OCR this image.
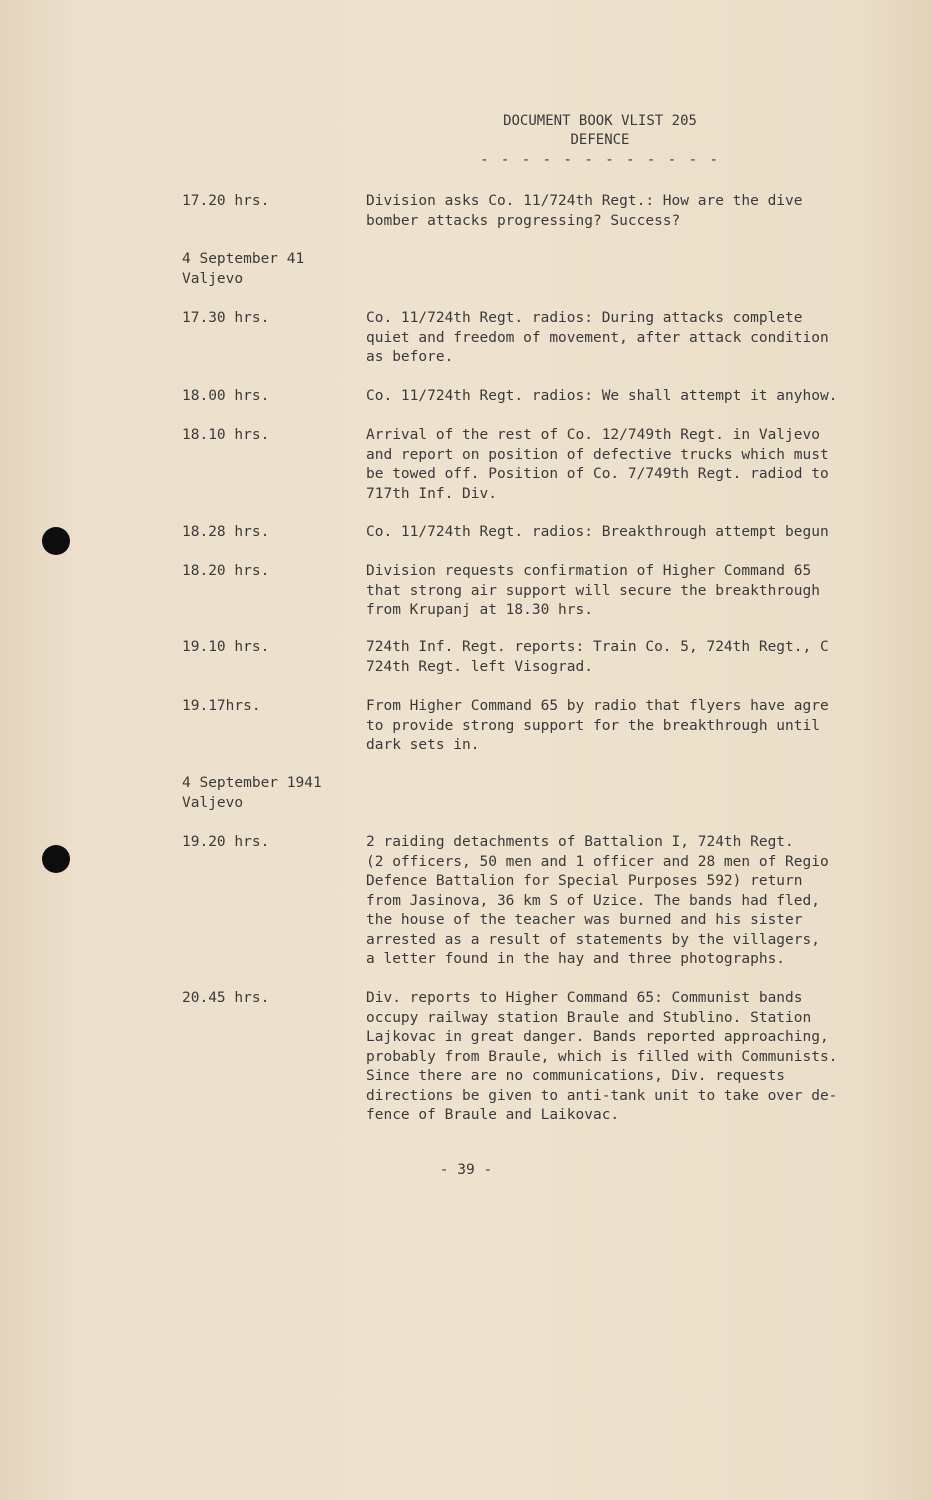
DOCUMENT BOOK VLIST 205
DEFENCE
- - - - - - - - - - - -
17.20 hrs.	Division asks Co. 11/724th Regt.: How are the dive
bomber attacks progressing? Success?
4 September 41
Valjevo
17.30 hrs.	Co. 11/724th Regt. radios: During attacks complete
quiet and freedom of movement, after attack condition
as before.
18.00 hrs.	Co. 11/724th Regt. radios: We shall attempt it anyhow.
18.10 hrs.	Arrival of the rest of Co. 12/749th Regt. in Valjevo
and report on position of defective trucks which must
be towed off. Position of Co. 7/749th Regt. radiod to
717th Inf. Div.
18.28 hrs.	Co. 11/724th Regt. radios: Breakthrough attempt begun
18.20 hrs.	Division requests confirmation of Higher Command 65
that strong air support will secure the breakthrough
from Krupanj at 18.30 hrs.
19.10 hrs.	724th Inf. Regt. reports: Train Co. 5, 724th Regt., C
724th Regt. left Visograd.
19.17hrs.	From Higher Command 65 by radio that flyers have agre
to provide strong support for the breakthrough until
dark sets in.
4 September 1941
Valjevo
19.20 hrs.	2 raiding detachments of Battalion I, 724th Regt.
(2 officers, 50 men and 1 officer and 28 men of Regio
Defence Battalion for Special Purposes 592) return
from Jasinova, 36 km S of Uzice. The bands had fled,
the house of the teacher was burned and his sister
arrested as a result of statements by the villagers,
a letter found in the hay and three photographs.
20.45 hrs.	Div. reports to Higher Command 65: Communist bands
occupy railway station Braule and Stublino. Station
Lajkovac in great danger. Bands reported approaching,
probably from Braule, which is filled with Communists.
Since there are no communications, Div. requests
directions be given to anti-tank unit to take over de-
fence of Braule and Laikovac.
- 39 -
